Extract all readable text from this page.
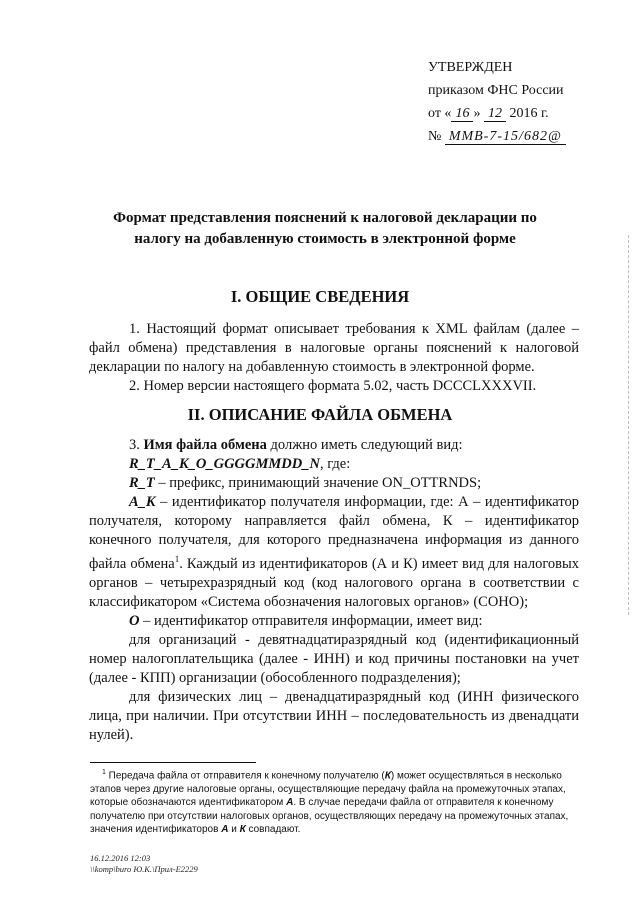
УТВЕРЖДЕН
приказом ФНС России
от « 16 » 12 2016 г.
№ ММВ-7-15/682@
Формат представления пояснений к налоговой декларации по
налогу на добавленную стоимость в электронной форме
I. ОБЩИЕ СВЕДЕНИЯ

1. Настоящий формат описывает требования к XML файлам (далее – файл обмена) представления в налоговые органы пояснений к налоговой декларации по налогу на добавленную стоимость в электронной форме.

2. Номер версии настоящего формата 5.02, часть DCCCLXXXVII.

II. ОПИСАНИЕ ФАЙЛА ОБМЕНА

3. Имя файла обмена должно иметь следующий вид:

R_T_A_K_O_GGGGMMDD_N, где:

R_T – префикс, принимающий значение ON_OTTRNDS;

A_K – идентификатор получателя информации, где: А – идентификатор получателя, которому направляется файл обмена, К – идентификатор конечного получателя, для которого предназначена информация из данного файла обмена$^1$. Каждый из идентификаторов (А и К) имеет вид для налоговых органов – четырехразрядный код (код налогового органа в соответствии с классификатором «Система обозначения налоговых органов» (СОНО);

O – идентификатор отправителя информации, имеет вид:

для организаций - девятнадцатиразрядный код (идентификационный номер налогоплательщика (далее - ИНН) и код причины постановки на учет (далее - КПП) организации (обособленного подразделения);

для физических лиц – двенадцатиразрядный код (ИНН физического лица, при наличии. При отсутствии ИНН – последовательность из двенадцати нулей).

$^1$ Передача файла от отправителя к конечному получателю (К) может осуществляться в несколько этапов через другие налоговые органы, осуществляющие передачу файла на промежуточных этапах, которые обозначаются идентификатором А. В случае передачи файла от отправителя к конечному получателю при отсутствии налоговых органов, осуществляющих передачу на промежуточных этапах, значения идентификаторов А и К совпадают.

16.12.2016 12:03
\\komp\buro Ю.К.\Прил-Е2229
